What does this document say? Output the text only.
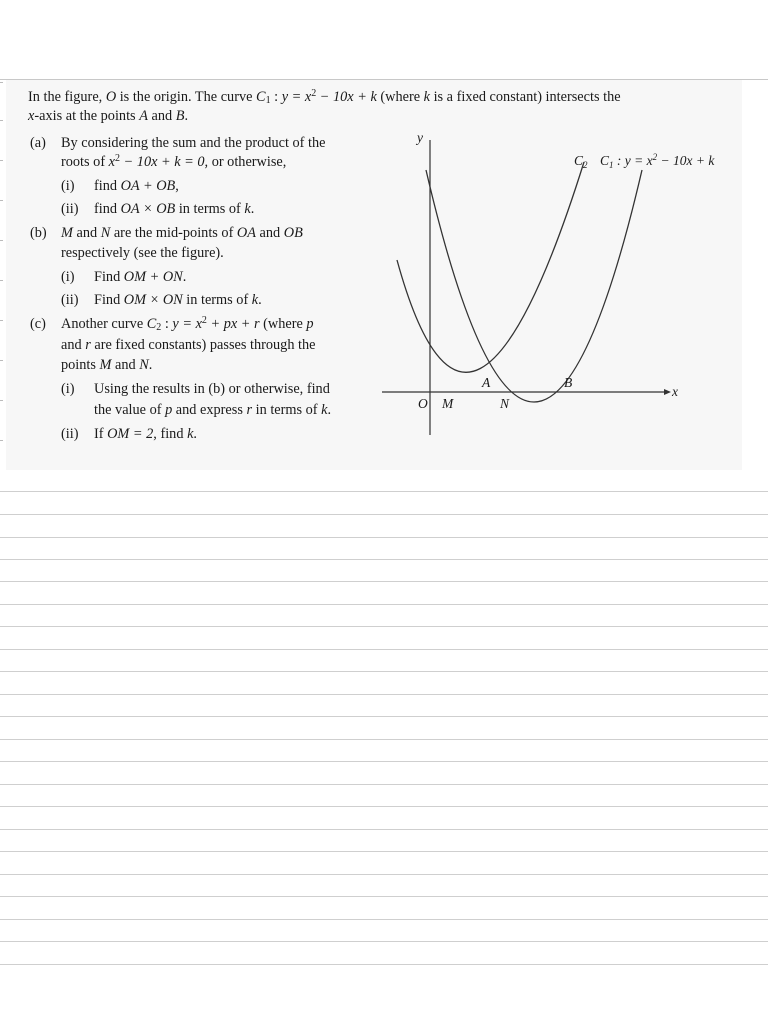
In the figure, O is the origin. The curve $C_1$ : $y = x^2 - 10x + k$ (where k is a fixed constant) intersects the
x-axis at the points A and B.
(a) By considering the sum and the product of the
roots of $x^2 - 10x + k = 0$, or otherwise,
(i) find OA + OB,
(ii) find OA × OB in terms of k.
(b) M and N are the mid-points of OA and OB
respectively (see the figure).
(i) Find OM + ON.
(ii) Find OM × ON in terms of k.
(c) Another curve $C_2$ : $y = x^2$ + px + r (where p
and r are fixed constants) passes through the
points M and N.
(i) Using the results in (b) or otherwise, find
the value of p and express r in terms of k.
(ii) If OM = 2, find k.
y
x
O M	N
A	B
$C_2$ $C_1$ : $y = x^2 - 10x + k$
